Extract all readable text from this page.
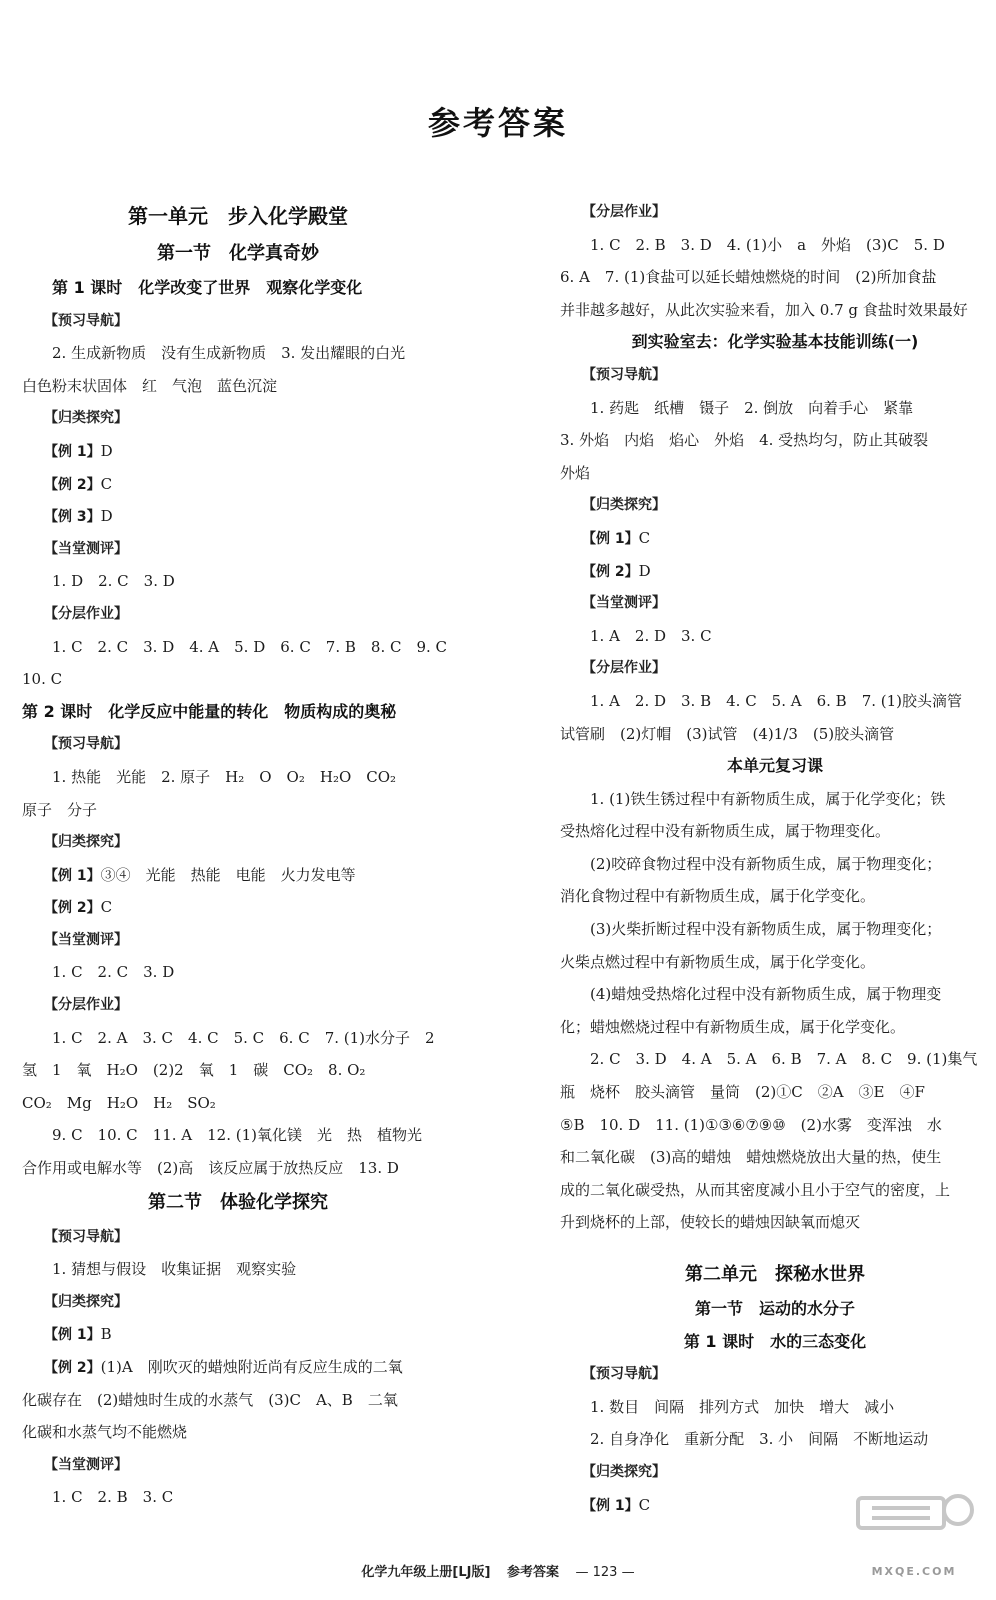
参考答案
第一单元　步入化学殿堂
第一节　化学真奇妙
第 1 课时　化学改变了世界　观察化学变化
【预习导航】
2. 生成新物质　没有生成新物质　3. 发出耀眼的白光
白色粉末状固体　红　气泡　蓝色沉淀
【归类探究】
【例 1】D
【例 2】C
【例 3】D
【当堂测评】
1. D　2. C　3. D
【分层作业】
1. C　2. C　3. D　4. A　5. D　6. C　7. B　8. C　9. C
10. C
第 2 课时　化学反应中能量的转化　物质构成的奥秘
【预习导航】
1. 热能　光能　2. 原子　H₂　O　O₂　H₂O　CO₂
原子　分子
【归类探究】
【例 1】③④　光能　热能　电能　火力发电等
【例 2】C
【当堂测评】
1. C　2. C　3. D
【分层作业】
1. C　2. A　3. C　4. C　5. C　6. C　7. (1)水分子　2
氢　1　氧　H₂O　(2)2　氧　1　碳　CO₂　8. O₂
CO₂　Mg　H₂O　H₂　SO₂
9. C　10. C　11. A　12. (1)氧化镁　光　热　植物光
合作用或电解水等　(2)高　该反应属于放热反应　13. D
第二节　体验化学探究
【预习导航】
1. 猜想与假设　收集证据　观察实验
【归类探究】
【例 1】B
【例 2】(1)A　刚吹灭的蜡烛附近尚有反应生成的二氧
化碳存在　(2)蜡烛时生成的水蒸气　(3)C　A、B　二氧
化碳和水蒸气均不能燃烧
【当堂测评】
1. C　2. B　3. C
【分层作业】
1. C　2. B　3. D　4. (1)小　a　外焰　(3)C　5. D
6. A　7. (1)食盐可以延长蜡烛燃烧的时间　(2)所加食盐
并非越多越好，从此次实验来看，加入 0.7 g 食盐时效果最好
到实验室去：化学实验基本技能训练(一)
【预习导航】
1. 药匙　纸槽　镊子　2. 倒放　向着手心　紧靠
3. 外焰　内焰　焰心　外焰　4. 受热均匀，防止其破裂
外焰
【归类探究】
【例 1】C
【例 2】D
【当堂测评】
1. A　2. D　3. C
【分层作业】
1. A　2. D　3. B　4. C　5. A　6. B　7. (1)胶头滴管
试管刷　(2)灯帽　(3)试管　(4)1/3　(5)胶头滴管
本单元复习课
1. (1)铁生锈过程中有新物质生成，属于化学变化；铁
受热熔化过程中没有新物质生成，属于物理变化。
(2)咬碎食物过程中没有新物质生成，属于物理变化；
消化食物过程中有新物质生成，属于化学变化。
(3)火柴折断过程中没有新物质生成，属于物理变化；
火柴点燃过程中有新物质生成，属于化学变化。
(4)蜡烛受热熔化过程中没有新物质生成，属于物理变
化；蜡烛燃烧过程中有新物质生成，属于化学变化。
2. C　3. D　4. A　5. A　6. B　7. A　8. C　9. (1)集气
瓶　烧杯　胶头滴管　量筒　(2)①C　②A　③E　④F
⑤B　10. D　11. (1)①③⑥⑦⑨⑩　(2)水雾　变浑浊　水
和二氧化碳　(3)高的蜡烛　蜡烛燃烧放出大量的热，使生
成的二氧化碳受热，从而其密度减小且小于空气的密度，上
升到烧杯的上部，使较长的蜡烛因缺氧而熄灭
第二单元　探秘水世界
第一节　运动的水分子
第 1 课时　水的三态变化
【预习导航】
1. 数目　间隔　排列方式　加快　增大　减小
2. 自身净化　重新分配　3. 小　间隔　不断地运动
【归类探究】
【例 1】C
化学九年级上册[LJ版] 参考答案 — 123 —	MXQE.COM
